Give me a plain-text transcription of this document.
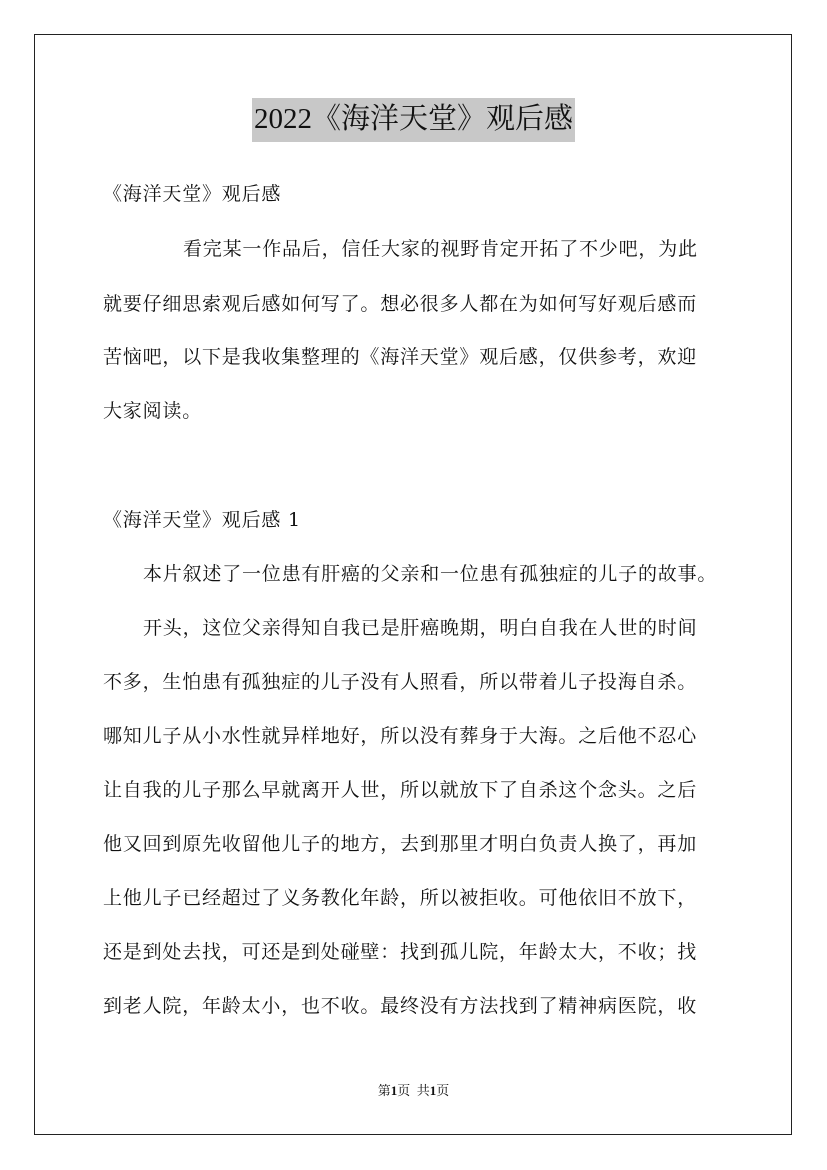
2022《海洋天堂》观后感
《海洋天堂》观后感
看完某一作品后，信任大家的视野肯定开拓了不少吧，为此
就要仔细思索观后感如何写了。想必很多人都在为如何写好观后感而
苦恼吧，以下是我收集整理的《海洋天堂》观后感，仅供参考，欢迎
大家阅读。
《海洋天堂》观后感 1
本片叙述了一位患有肝癌的父亲和一位患有孤独症的儿子的故事。
开头，这位父亲得知自我已是肝癌晚期，明白自我在人世的时间
不多，生怕患有孤独症的儿子没有人照看，所以带着儿子投海自杀。
哪知儿子从小水性就异样地好，所以没有葬身于大海。之后他不忍心
让自我的儿子那么早就离开人世，所以就放下了自杀这个念头。之后
他又回到原先收留他儿子的地方，去到那里才明白负责人换了，再加
上他儿子已经超过了义务教化年龄，所以被拒收。可他依旧不放下，
还是到处去找，可还是到处碰壁：找到孤儿院，年龄太大，不收；找
到老人院，年龄太小，也不收。最终没有方法找到了精神病医院，收
第1页 共1页
